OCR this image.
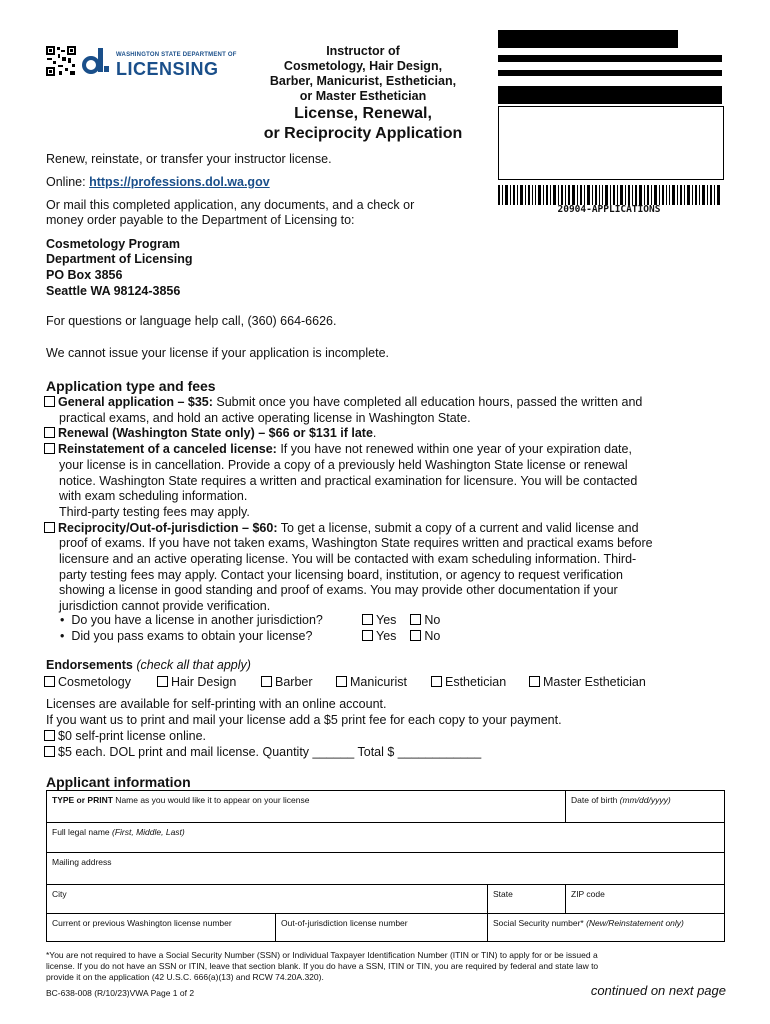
WASHINGTON STATE DEPARTMENT OF
LICENSING
Instructor of
Cosmetology, Hair Design,
Barber, Manicurist, Esthetician,
or Master Esthetician
License, Renewal,
or Reciprocity Application
20904-APPLICATIONS
Renew, reinstate, or transfer your instructor license.
Online: https://professions.dol.wa.gov
Or mail this completed application, any documents, and a check or
money order payable to the Department of Licensing to:
Cosmetology Program
Department of Licensing
PO Box 3856
Seattle WA 98124-3856
For questions or language help call, (360) 664-6626.
We cannot issue your license if your application is incomplete.
Application type and fees
General application – $35: Submit once you have completed all education hours, passed the written and
practical exams, and hold an active operating license in Washington State.
Renewal (Washington State only) – $66 or $131 if late.
Reinstatement of a canceled license: If you have not renewed within one year of your expiration date,
your license is in cancellation. Provide a copy of a previously held Washington State license or renewal
notice. Washington State requires a written and practical examination for licensure. You will be contacted
with exam scheduling information.
Third-party testing fees may apply.
Reciprocity/Out-of-jurisdiction – $60: To get a license, submit a copy of a current and valid license and
proof of exams. If you have not taken exams, Washington State requires written and practical exams before
licensure and an active operating license. You will be contacted with exam scheduling information. Third-
party testing fees may apply. Contact your licensing board, institution, or agency to request verification
showing a license in good standing and proof of exams. You may provide other documentation if your
jurisdiction cannot provide verification.
•  Do you have a license in another jurisdiction?	Yes No
•  Did you pass exams to obtain your license?	Yes No
Endorsements (check all that apply)
Cosmetology	Hair Design	Barber	Manicurist	Esthetician	Master Esthetician
Licenses are available for self-printing with an online account.
If you want us to print and mail your license add a $5 print fee for each copy to your payment.
$0 self-print license online.
$5 each. DOL print and mail license. Quantity ______ Total $ ____________
Applicant information
TYPE or PRINT Name as you would like it to appear on your license	Date of birth (mm/dd/yyyy)
Full legal name (First, Middle, Last)
Mailing address
City	State	ZIP code
Current or previous Washington license number	Out-of-jurisdiction license number	Social Security number* (New/Reinstatement only)
*You are not required to have a Social Security Number (SSN) or Individual Taxpayer Identification Number (ITIN or TIN) to apply for or be issued a
license. If you do not have an SSN or ITIN, leave that section blank. If you do have a SSN, ITIN or TIN, you are required by federal and state law to
provide it on the application (42 U.S.C. 666(a)(13) and RCW 74.20A.320).
BC-638-008 (R/10/23)VWA Page 1 of 2	continued on next page
